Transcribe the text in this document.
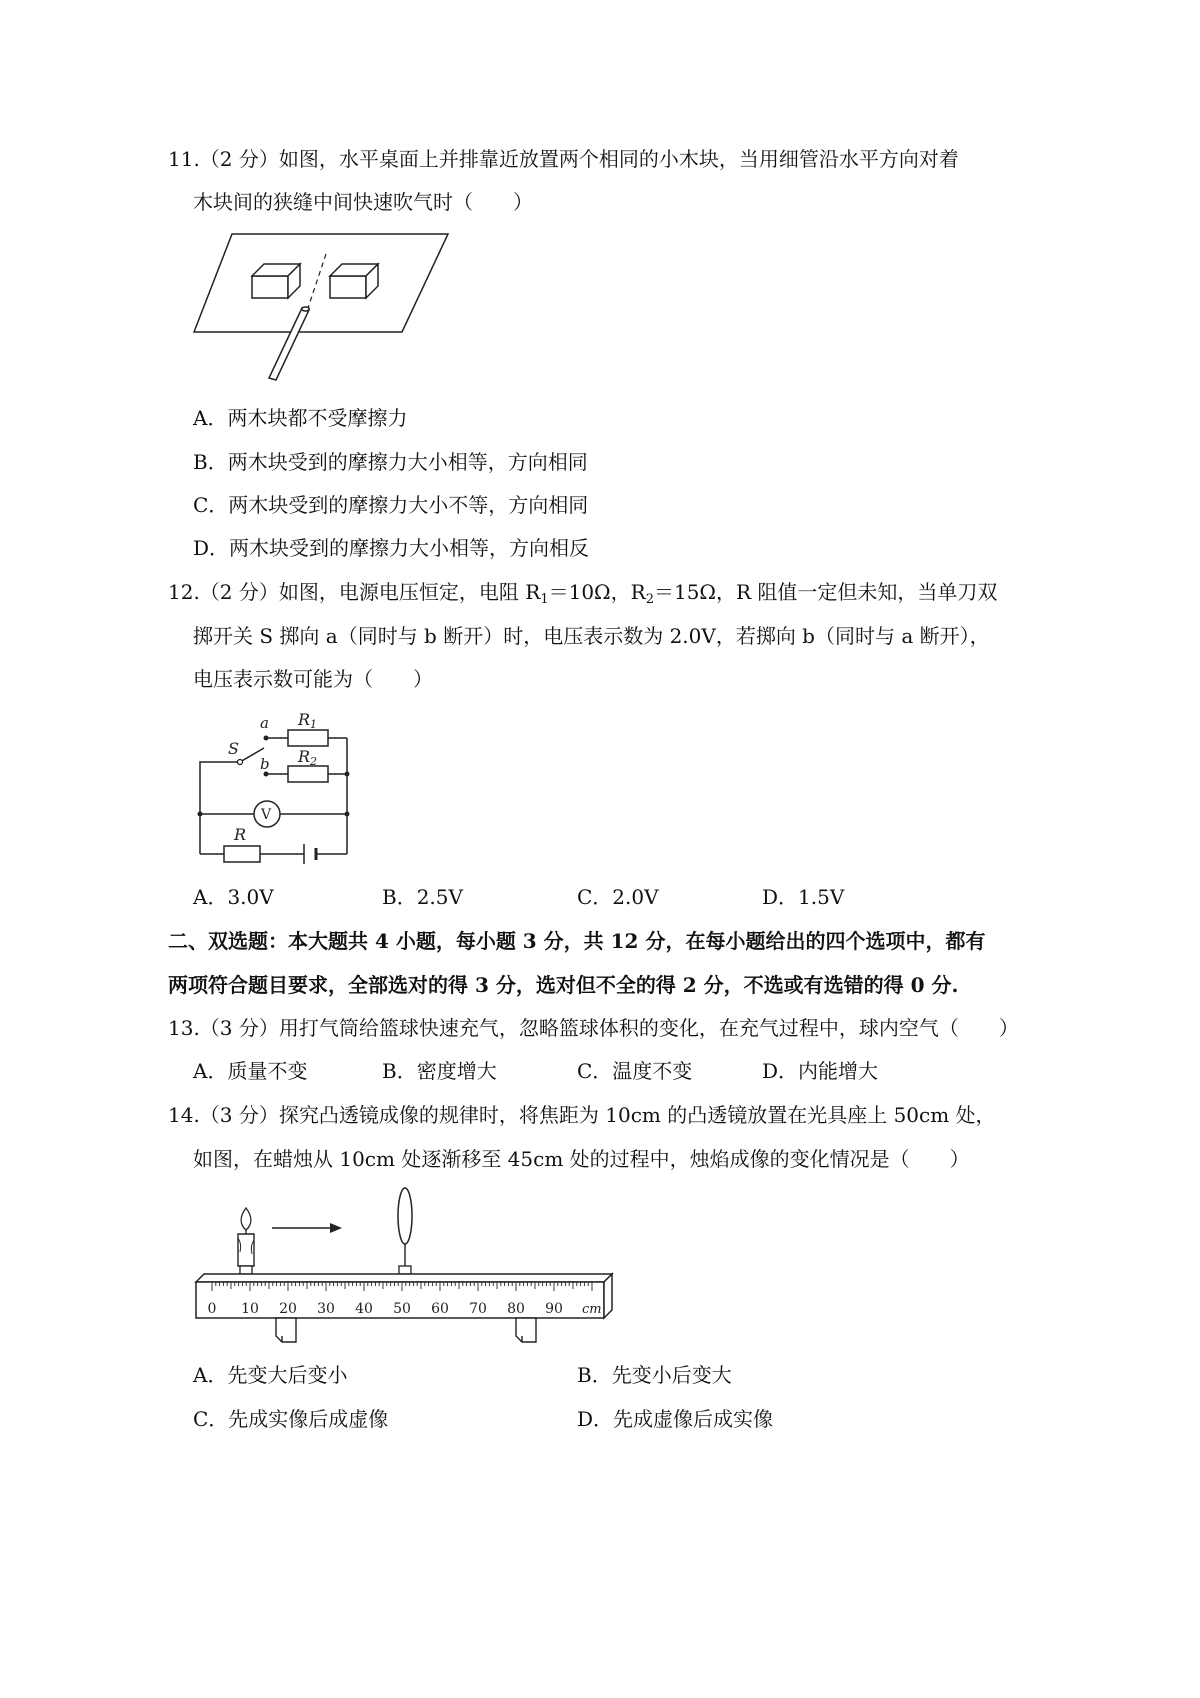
11.（2 分）如图，水平桌面上并排靠近放置两个相同的小木块，当用细管沿水平方向对着
木块间的狭缝中间快速吹气时（　　）
A．两木块都不受摩擦力
B．两木块受到的摩擦力大小相等，方向相同
C．两木块受到的摩擦力大小不等，方向相同
D．两木块受到的摩擦力大小相等，方向相反
12.（2 分）如图，电源电压恒定，电阻 $R_1=10\Omega$，$R_2=15\Omega$，R 阻值一定但未知，当单刀双
掷开关 S 掷向 a（同时与 b 断开）时，电压表示数为 2.0V，若掷向 b（同时与 a 断开），
电压表示数可能为（　　）
a
b
S
R1
R2
R
V
A．3.0V	B．2.5V	C．2.0V	D．1.5V
二、双选题：本大题共 4 小题，每小题 3 分，共 12 分，在每小题给出的四个选项中，都有
两项符合题目要求，全部选对的得 3 分，选对但不全的得 2 分，不选或有选错的得 0 分.
13.（3 分）用打气筒给篮球快速充气，忽略篮球体积的变化，在充气过程中，球内空气（　　）
A．质量不变	B．密度增大	C．温度不变	D．内能增大
14.（3 分）探究凸透镜成像的规律时，将焦距为 10cm 的凸透镜放置在光具座上 50cm 处，
如图，在蜡烛从 10cm 处逐渐移至 45cm 处的过程中，烛焰成像的变化情况是（　　）
0 10 20 30 40 50 60 70 80 90 cm
A．先变大后变小	B．先变小后变大
C．先成实像后成虚像	D．先成虚像后成实像
